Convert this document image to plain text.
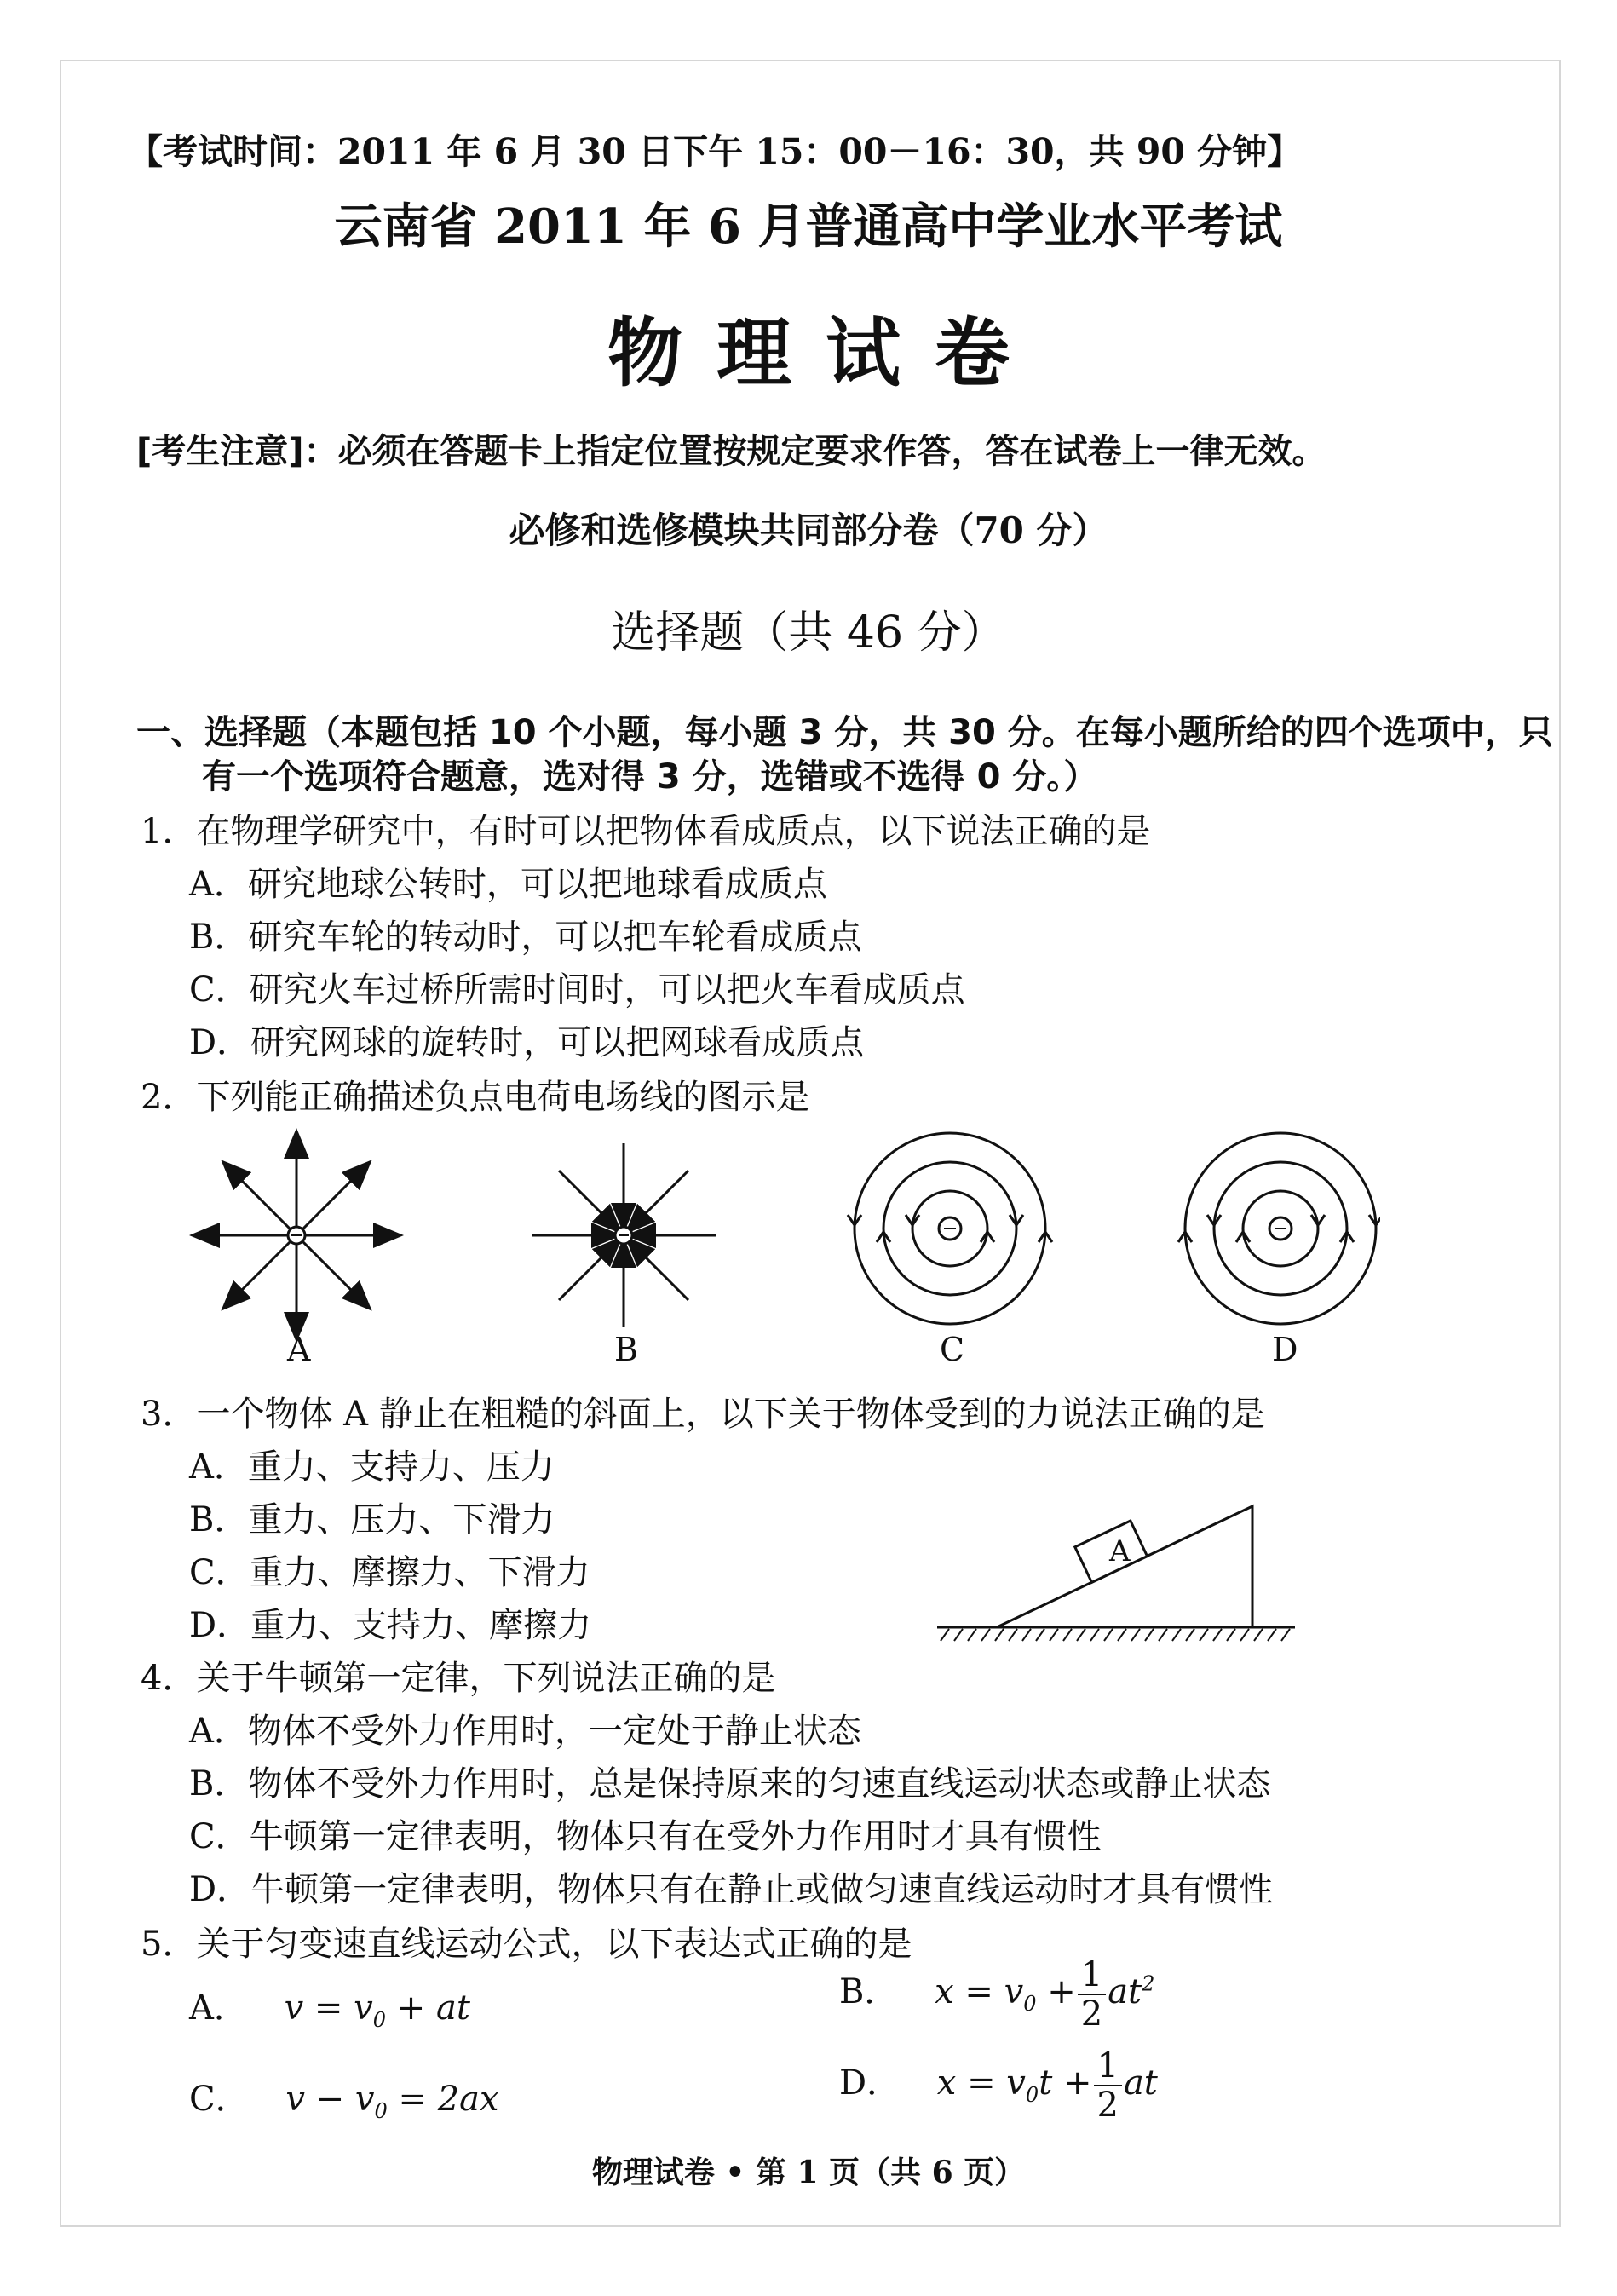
【考试时间：2011 年 6 月 30 日下午 15：00－16：30，共 90 分钟】
云南省 2011 年 6 月普通高中学业水平考试
物理试卷
[考生注意]：必须在答题卡上指定位置按规定要求作答，答在试卷上一律无效。
必修和选修模块共同部分卷（70 分）
选择题（共 46 分）
一、选择题（本题包括 10 个小题，每小题 3 分，共 30 分。在每小题所给的四个选项中，只
有一个选项符合题意，选对得 3 分，选错或不选得 0 分。）
1．在物理学研究中，有时可以把物体看成质点，以下说法正确的是
A．研究地球公转时，可以把地球看成质点
B．研究车轮的转动时，可以把车轮看成质点
C．研究火车过桥所需时间时，可以把火车看成质点
D．研究网球的旋转时，可以把网球看成质点
2．下列能正确描述负点电荷电场线的图示是
A	B	C	D
3．一个物体 A 静止在粗糙的斜面上，以下关于物体受到的力说法正确的是
A．重力、支持力、压力
B．重力、压力、下滑力
C．重力、摩擦力、下滑力
D．重力、支持力、摩擦力
A
4．关于牛顿第一定律，下列说法正确的是
A．物体不受外力作用时，一定处于静止状态
B．物体不受外力作用时，总是保持原来的匀速直线运动状态或静止状态
C．牛顿第一定律表明，物体只有在受外力作用时才具有惯性
D．牛顿第一定律表明，物体只有在静止或做匀速直线运动时才具有惯性
5．关于匀变速直线运动公式，以下表达式正确的是
A． $v = v_0$ + at	B． $x = v_0 + \frac{1}{2} at^2$
C． $v - v_0 = 2ax$	D． $x = v_0t + \frac{1}{2}$ at
物理试卷 • 第 1 页（共 6 页）
